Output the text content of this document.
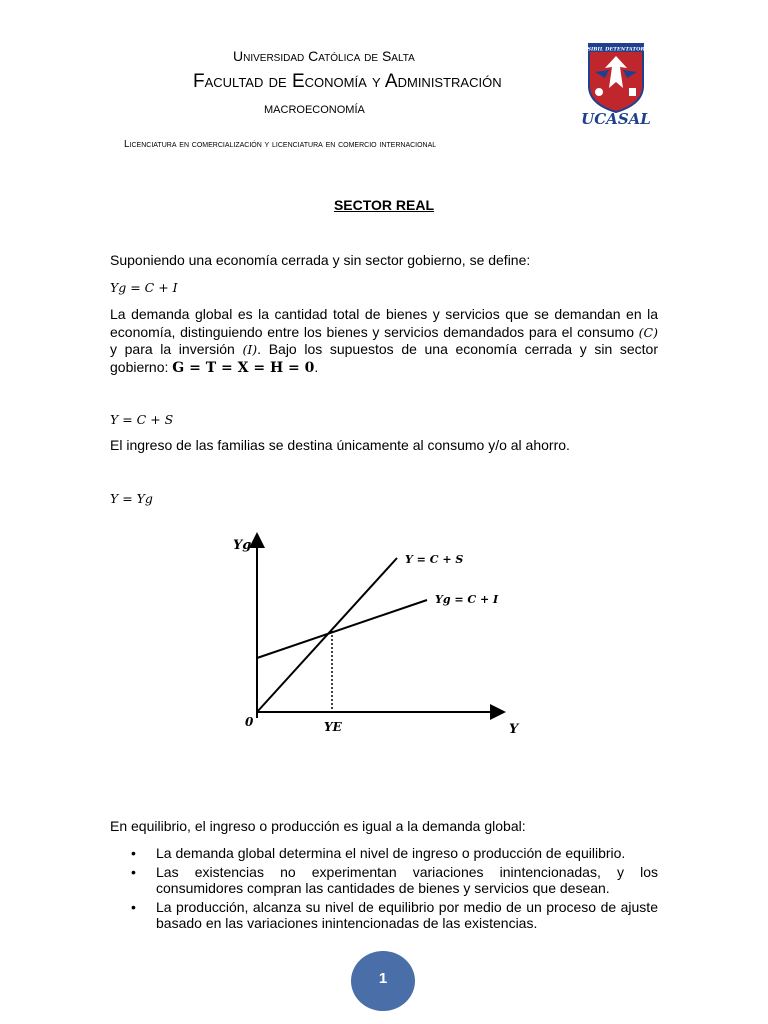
Universidad Católica de Salta
Facultad de Economía y Administración
macroeconomía
Licenciatura en comercialización y licenciatura en comercio internacional
SIBIL DETENTATOR
UCASAL
SECTOR REAL
Suponiendo una economía cerrada y sin sector gobierno, se define:
Yg = C + I
La demanda global es la cantidad total de bienes y servicios que se demandan en la economía, distinguiendo entre los bienes y servicios demandados para el consumo (C) y para la inversión (I). Bajo los supuestos de una economía cerrada y sin sector gobierno: G = T = X = H = 0.
Y = C + S
El ingreso de las familias se destina únicamente al consumo y/o al ahorro.
Y = Yg
Yg
Y
0	YE
Y = C + S
Yg = C + I
En equilibrio, el ingreso o producción es igual a la demanda global:
• La demanda global determina el nivel de ingreso o producción de equilibrio.
• Las existencias no experimentan variaciones inintencionadas, y los consumidores compran las cantidades de bienes y servicios que desean.
• La producción, alcanza su nivel de equilibrio por medio de un proceso de ajuste basado en las variaciones inintencionadas de las existencias.
1
